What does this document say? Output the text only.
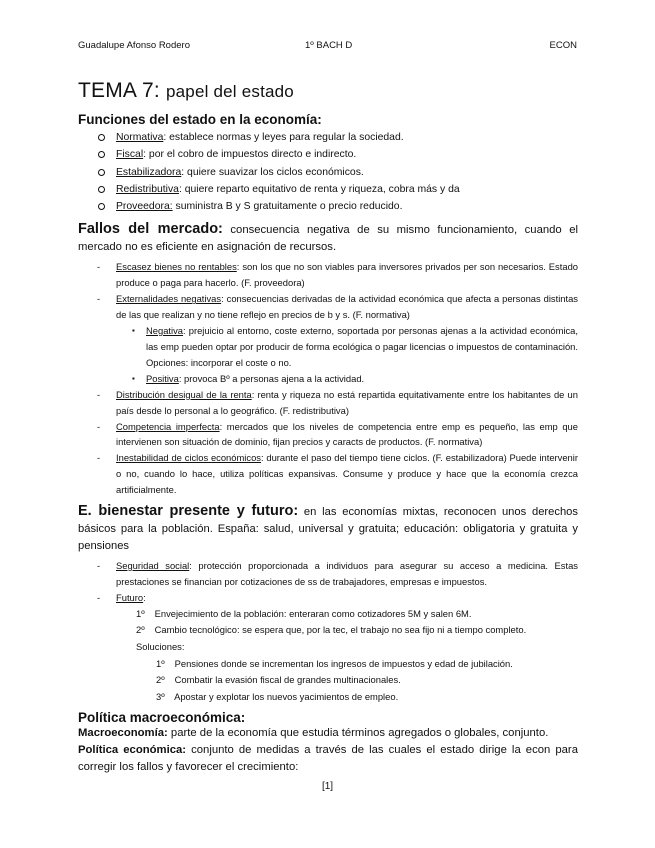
Guadalupe Afonso Rodero	1º BACH D	ECON
TEMA 7: papel del estado
Funciones del estado en la economía:
Normativa: establece normas y leyes para regular la sociedad.
Fiscal: por el cobro de impuestos directo e indirecto.
Estabilizadora: quiere suavizar los ciclos económicos.
Redistributiva: quiere reparto equitativo de renta y riqueza, cobra más y da
Proveedora: suministra B y S gratuitamente o precio reducido.

Fallos del mercado: consecuencia negativa de su mismo funcionamiento, cuando el mercado no es eficiente en asignación de recursos.

- Escasez bienes no rentables: son los que no son viables para inversores privados per son necesarios. Estado produce o paga para hacerlo. (F. proveedora)
- Externalidades negativas: consecuencias derivadas de la actividad económica que afecta a personas distintas de las que realizan y no tiene reflejo en precios de b y s. (F. normativa)
▪ Negativa: prejuicio al entorno, coste externo, soportada por personas ajenas a la actividad económica, las emp pueden optar por producir de forma ecológica o pagar licencias o impuestos de contaminación. Opciones: incorporar el coste o no.
▪ Positiva: provoca Bº a personas ajena a la actividad.
- Distribución desigual de la renta: renta y riqueza no está repartida equitativamente entre los habitantes de un país desde lo personal a lo geográfico. (F. redistributiva)
- Competencia imperfecta: mercados que los niveles de competencia entre emp es pequeño, las emp que intervienen son situación de dominio, fijan precios y caracts de productos. (F. normativa)
- Inestabilidad de ciclos económicos: durante el paso del tiempo tiene ciclos. (F. estabilizadora) Puede intervenir o no, cuando lo hace, utiliza políticas expansivas. Consume y produce y hace que la economía crezca artificialmente.

E. bienestar presente y futuro: en las economías mixtas, reconocen unos derechos básicos para la población. España: salud, universal y gratuita; educación: obligatoria y gratuita y pensiones

- Seguridad social: protección proporcionada a individuos para asegurar su acceso a medicina. Estas prestaciones se financian por cotizaciones de ss de trabajadores, empresas e impuestos.
- Futuro:
1º Envejecimiento de la población: enteraran como cotizadores 5M y salen 6M.
2º Cambio tecnológico: se espera que, por la tec, el trabajo no sea fijo ni a tiempo completo.
Soluciones:
1º Pensiones donde se incrementan los ingresos de impuestos y edad de jubilación.
2º Combatir la evasión fiscal de grandes multinacionales.
3º Apostar y explotar los nuevos yacimientos de empleo.
Política macroeconómica:

Macroeconomía: parte de la economía que estudia términos agregados o globales, conjunto.

Política económica: conjunto de medidas a través de las cuales el estado dirige la econ para corregir los fallos y favorecer el crecimiento:

[1]
